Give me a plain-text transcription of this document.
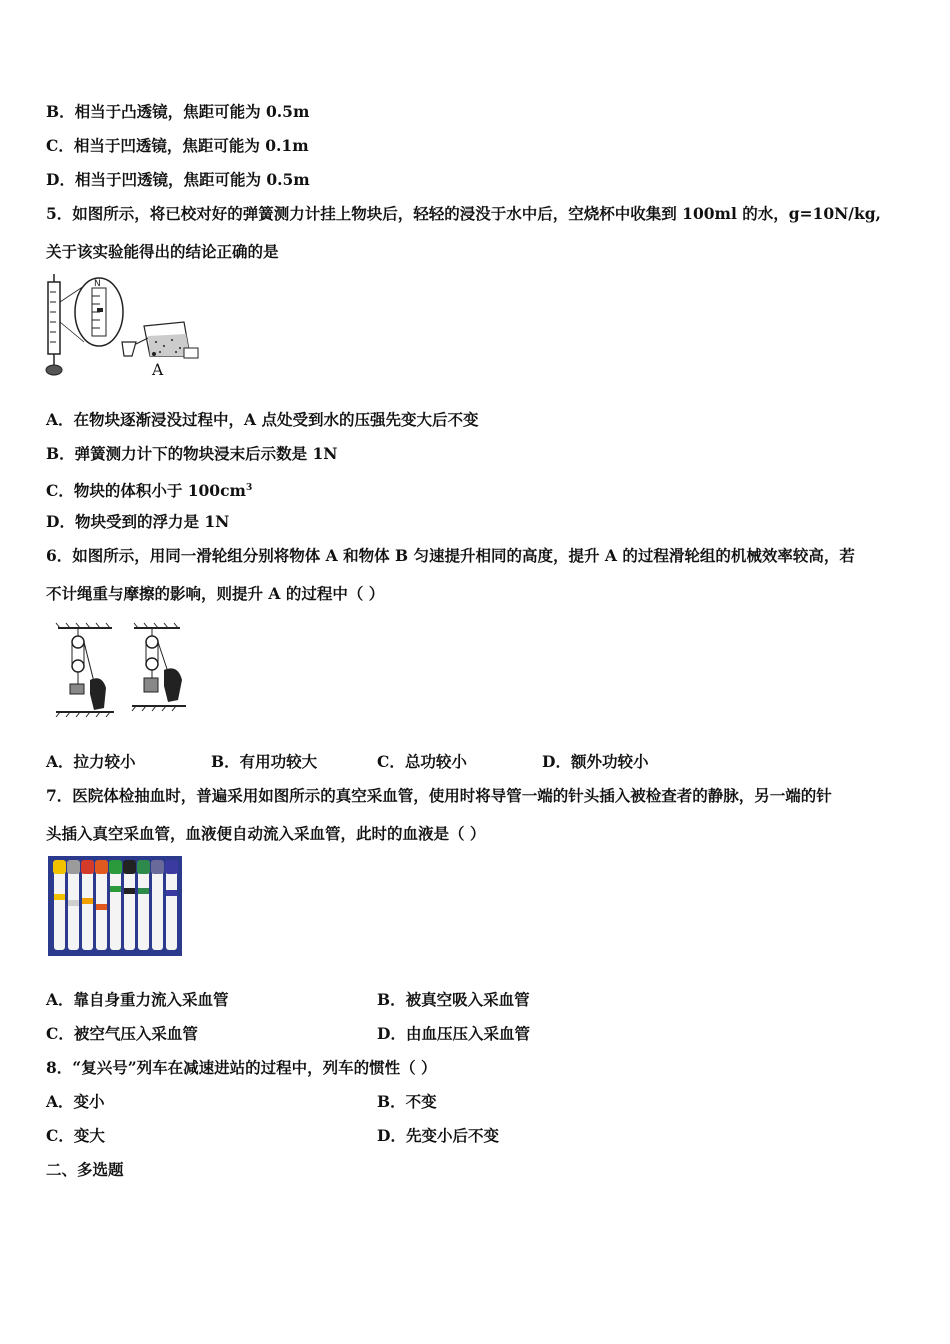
B．相当于凸透镜，焦距可能为 0.5m
C．相当于凹透镜，焦距可能为 0.1m
D．相当于凹透镜，焦距可能为 0.5m
5．如图所示，将已校对好的弹簧测力计挂上物块后，轻轻的浸没于水中后，空烧杯中收集到 100ml 的水，g=10N/kg,
关于该实验能得出的结论正确的是
N
A
A．在物块逐渐浸没过程中，A 点处受到水的压强先变大后不变
B．弹簧测力计下的物块浸末后示数是 1N
C．物块的体积小于 $100cm^3$
D．物块受到的浮力是 1N
6．如图所示，用同一滑轮组分别将物体 A 和物体 B 匀速提升相同的高度，提升 A 的过程滑轮组的机械效率较高，若
不计绳重与摩擦的影响，则提升 A 的过程中（ ）
A．拉力较小	B．有用功较大	C．总功较小	D．额外功较小
7．医院体检抽血时，普遍采用如图所示的真空采血管，使用时将导管一端的针头插入被检查者的静脉，另一端的针
头插入真空采血管，血液便自动流入采血管，此时的血液是（ ）
A．靠自身重力流入采血管	B．被真空吸入采血管
C．被空气压入采血管	D．由血压压入采血管
8．“复兴号”列车在减速进站的过程中，列车的惯性（ ）
A．变小	B．不变
C．变大	D．先变小后不变
二、多选题
